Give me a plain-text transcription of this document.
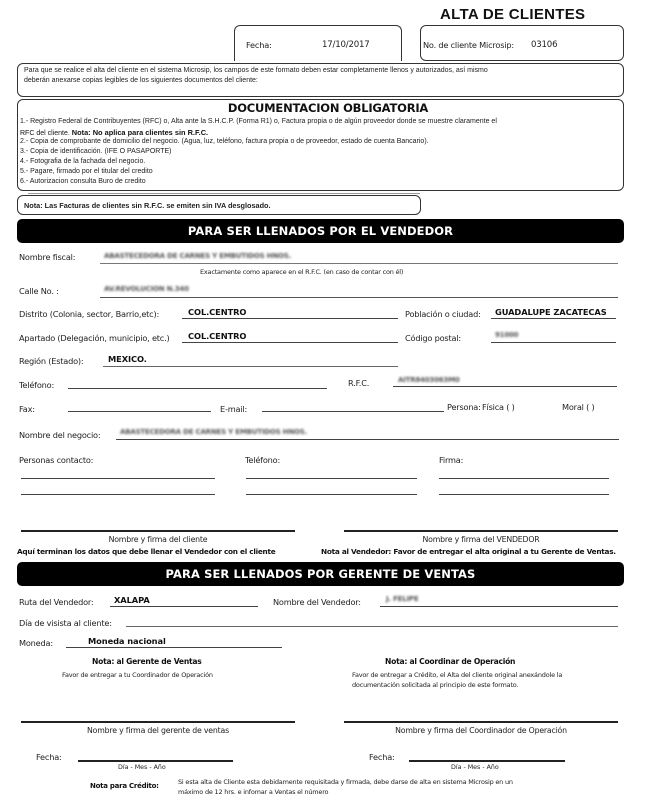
ALTA DE CLIENTES
Fecha:	17/10/2017	No. de cliente Microsip: 03106
Para que se realice el alta del cliente en el sistema Microsip, los campos de este formato deben estar completamente llenos y autorizados, así mismo
deberán anexarse copias legibles de los siguientes documentos del cliente:
DOCUMENTACION OBLIGATORIA
1.- Registro Federal de Contribuyentes (RFC) o, Alta ante la S.H.C.P. (Forma R1) o, Factura propia o de algún proveedor donde se muestre claramente el
RFC del cliente. Nota: No aplica para clientes sin R.F.C.
2.- Copia de comprobante de domicilio del negocio. (Agua, luz, teléfono, factura propia o de proveedor, estado de cuenta Bancario).
3.- Copia de identificación. (IFE O PASAPORTE)
4.- Fotografia de la fachada del negocio.
5.- Pagare, firmado por el titular del credito
6.- Autorizacion consulta Buro de credito
Nota: Las Facturas de clientes sin R.F.C. se emiten sin IVA desglosado.
PARA SER LLENADOS POR EL VENDEDOR
Nombre fiscal:	ABASTECEDORA DE CARNES Y EMBUTIDOS HNOS.
Exactamente como aparece en el R.F.C. (en caso de contar con él)
Calle No. :	AV.REVOLUCION N.340
Distrito (Colonia, sector, Barrio,etc):	COL.CENTRO	Población o ciudad: GUADALUPE ZACATECAS
Apartado (Delegación, municipio, etc.) COL.CENTRO	Código postal:	91000
Región (Estado):	MEXICO.
Teléfono:	R.F.C.	AITR8403063M0
Fax:	E-mail:	Persona: Física ( )	Moral ( )
Nombre del negocio:	ABASTECEDORA DE CARNES Y EMBUTIDOS HNOS.
Personas contacto:	Teléfono:	Firma:
Nombre y firma del cliente	Nombre y firma del VENDEDOR
Aquí terminan los datos que debe llenar el Vendedor con el cliente	Nota al Vendedor: Favor de entregar el alta original a tu Gerente de Ventas.
PARA SER LLENADOS POR GERENTE DE VENTAS
Ruta del Vendedor: XALAPA	Nombre del Vendedor:	J. FELIPE
Día de visista al cliente:
Moneda:	Moneda nacional
Nota: al Gerente de Ventas
Favor de entregar a tu Coordinador de Operación
Nota: al Coordinar de Operación
Favor de entregar a Crédito, el Alta del cliente original anexándole la
documentación solicitada al principio de este formato.
Nombre y firma del gerente de ventas	Nombre y firma del Coordinador de Operación
Fecha:
Día - Mes - Año
Fecha:
Día - Mes - Año
Nota para Crédito:	Si esta alta de Cliente esta debidamente requisitada y firmada, debe darse de alta en sistema Microsip en un
máximo de 12 hrs. e infomar a Ventas el número
